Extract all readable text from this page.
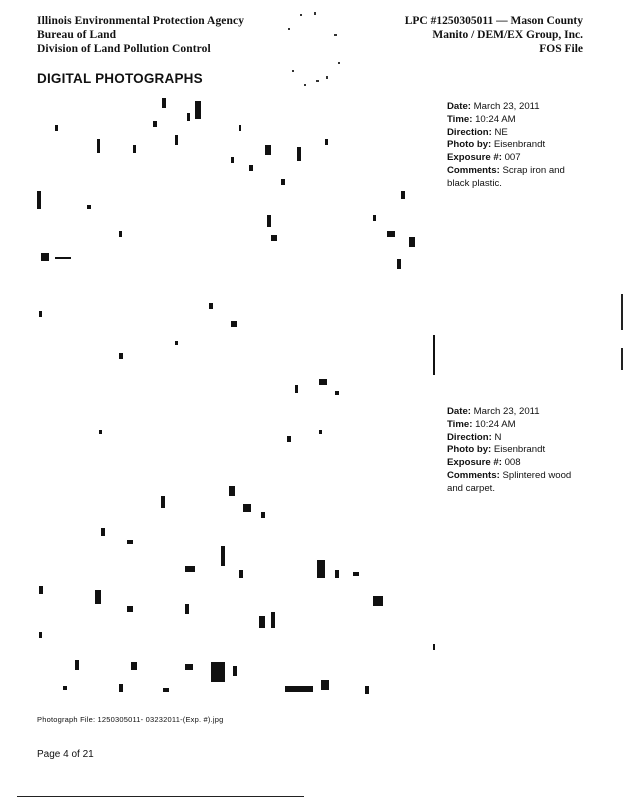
Illinois Environmental Protection Agency
Bureau of Land
Division of Land Pollution Control
LPC #1250305011 — Mason County
Manito / DEM/EX Group, Inc.
FOS File
DIGITAL PHOTOGRAPHS
Date: March 23, 2011
Time: 10:24 AM
Direction: NE
Photo by: Eisenbrandt
Exposure #: 007
Comments: Scrap iron and black plastic.
Date: March 23, 2011
Time: 10:24 AM
Direction: N
Photo by: Eisenbrandt
Exposure #: 008
Comments: Splintered wood and carpet.
Photograph File: 1250305011- 03232011-(Exp. #).jpg
Page 4 of 21
